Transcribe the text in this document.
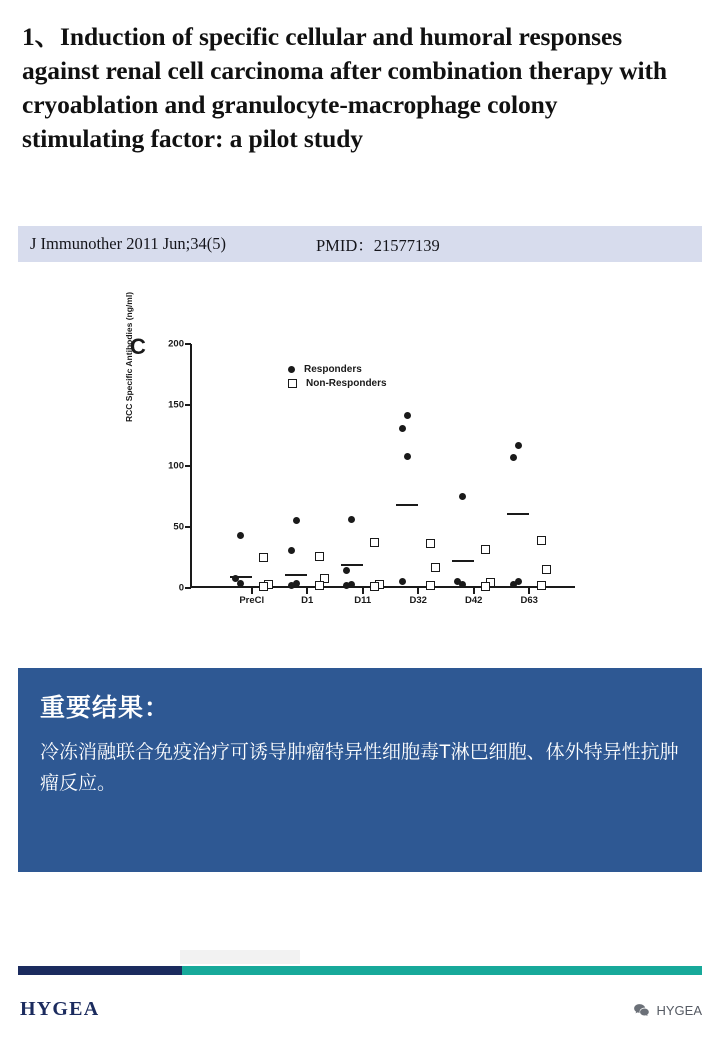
1、Induction of specific cellular and humoral responses against renal cell carcinoma after combination therapy with cryoablation and granulocyte-macrophage colony stimulating factor: a pilot study
J Immunother 2011 Jun;34(5)	PMID：21577139
C
RCC Specific Antibodies (ng/ml)	Responders
Non-Responders
0
50
100
150
200
PreCl	D1	D11	D32	D42	D63
重要结果：
冷冻消融联合免疫治疗可诱导肿瘤特异性细胞毒T淋巴细胞、体外特异性抗肿瘤反应。
HYGEA	HYGEA
